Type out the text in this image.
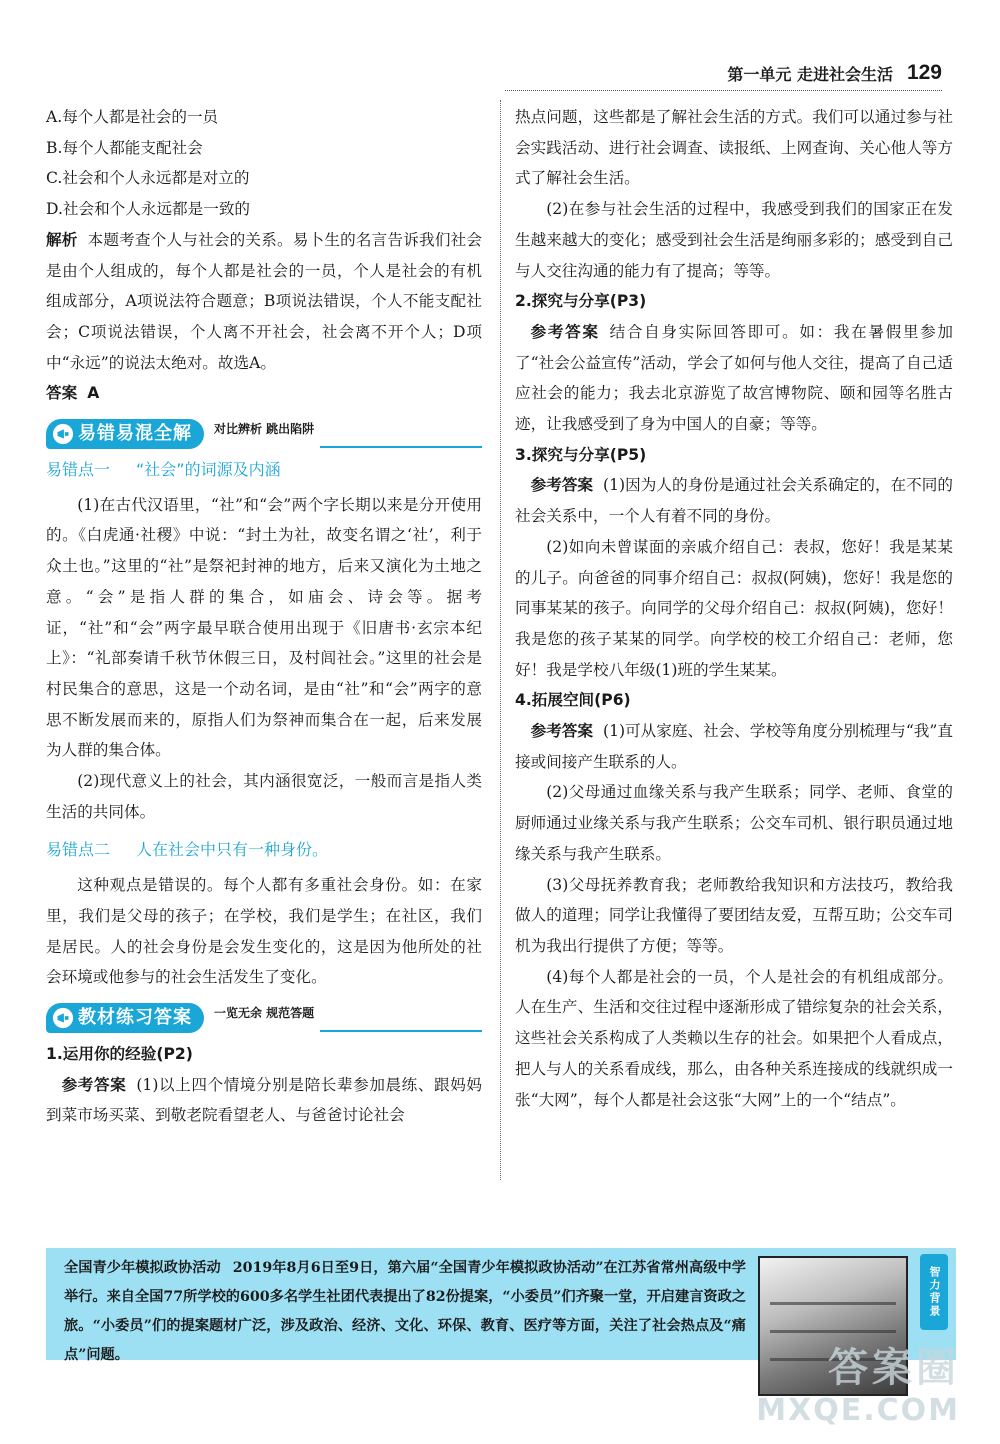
第一单元 走进社会生活 129

A.每个人都是社会的一员

B.每个人都能支配社会

C.社会和个人永远都是对立的

D.社会和个人永远都是一致的

解析 本题考查个人与社会的关系。易卜生的名言告诉我们社会是由个人组成的，每个人都是社会的一员，个人是社会的有机组成部分，A项说法符合题意；B项说法错误，个人不能支配社会；C项说法错误，个人离不开社会，社会离不开个人；D项中“永远”的说法太绝对。故选A。

答案 A

易错易混全解 对比辨析 跳出陷阱
易错点一 “社会”的词源及内涵

(1)在古代汉语里，“社”和“会”两个字长期以来是分开使用的。《白虎通·社稷》中说：“封土为社，故变名谓之‘社’，利于众土也。”这里的“社”是祭祀封神的地方，后来又演化为土地之意。“会”是指人群的集合，如庙会、诗会等。据考证，“社”和“会”两字最早联合使用出现于《旧唐书·玄宗本纪上》：“礼部奏请千秋节休假三日，及村闾社会。”这里的社会是村民集合的意思，这是一个动名词，是由“社”和“会”两字的意思不断发展而来的，原指人们为祭神而集合在一起，后来发展为人群的集合体。

(2)现代意义上的社会，其内涵很宽泛，一般而言是指人类生活的共同体。

易错点二 人在社会中只有一种身份。

这种观点是错误的。每个人都有多重社会身份。如：在家里，我们是父母的孩子；在学校，我们是学生；在社区，我们是居民。人的社会身份是会发生变化的，这是因为他所处的社会环境或他参与的社会生活发生了变化。

教材练习答案 一览无余 规范答题

1.运用你的经验(P2)

参考答案 (1)以上四个情境分别是陪长辈参加晨练、跟妈妈到菜市场买菜、到敬老院看望老人、与爸爸讨论社会

热点问题，这些都是了解社会生活的方式。我们可以通过参与社会实践活动、进行社会调查、读报纸、上网查询、关心他人等方式了解社会生活。

(2)在参与社会生活的过程中，我感受到我们的国家正在发生越来越大的变化；感受到社会生活是绚丽多彩的；感受到自己与人交往沟通的能力有了提高；等等。

2.探究与分享(P3)

参考答案 结合自身实际回答即可。如：我在暑假里参加了“社会公益宣传”活动，学会了如何与他人交往，提高了自己适应社会的能力；我去北京游览了故宫博物院、颐和园等名胜古迹，让我感受到了身为中国人的自豪；等等。

3.探究与分享(P5)

参考答案 (1)因为人的身份是通过社会关系确定的，在不同的社会关系中，一个人有着不同的身份。

(2)如向未曾谋面的亲戚介绍自己：表叔，您好！我是某某的儿子。向爸爸的同事介绍自己：叔叔(阿姨)，您好！我是您的同事某某的孩子。向同学的父母介绍自己：叔叔(阿姨)，您好！我是您的孩子某某的同学。向学校的校工介绍自己：老师，您好！我是学校八年级(1)班的学生某某。

4.拓展空间(P6)

参考答案 (1)可从家庭、社会、学校等角度分别梳理与“我”直接或间接产生联系的人。

(2)父母通过血缘关系与我产生联系；同学、老师、食堂的厨师通过业缘关系与我产生联系；公交车司机、银行职员通过地缘关系与我产生联系。

(3)父母抚养教育我；老师教给我知识和方法技巧，教给我做人的道理；同学让我懂得了要团结友爱，互帮互助；公交车司机为我出行提供了方便；等等。

(4)每个人都是社会的一员，个人是社会的有机组成部分。人在生产、生活和交往过程中逐渐形成了错综复杂的社会关系，这些社会关系构成了人类赖以生存的社会。如果把个人看成点，把人与人的关系看成线，那么，由各种关系连接成的线就织成一张“大网”，每个人都是社会这张“大网”上的一个“结点”。

全国青少年模拟政协活动 2019年8月6日至9日，第六届“全国青少年模拟政协活动”在江苏省常州高级中学举行。来自全国77所学校的600多名学生社团代表提出了82份提案，“小委员”们齐聚一堂，开启建言资政之旅。“小委员”们的提案题材广泛，涉及政治、经济、文化、环保、教育、医疗等方面，关注了社会热点及“痛点”问题。
智力背景
答案圈
MXQE.COM
